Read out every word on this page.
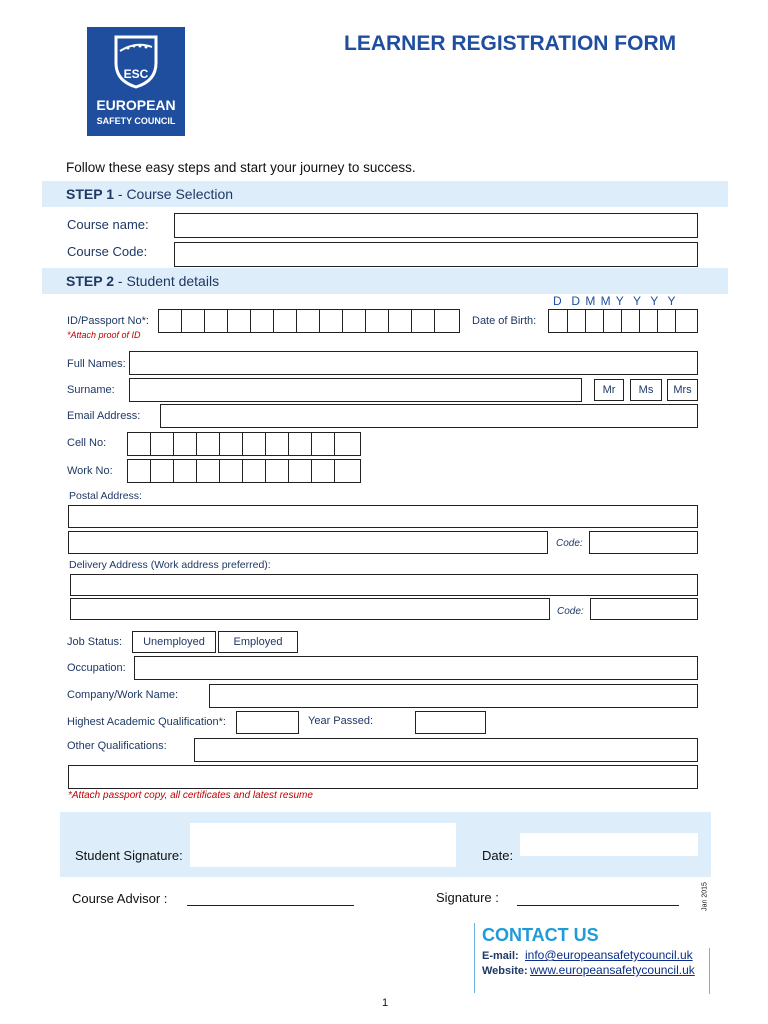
ESC
EUROPEAN
SAFETY COUNCIL
LEARNER REGISTRATION FORM
Follow these easy steps and start your journey to success.
STEP 1 - Course Selection
Course name:
Course Code:
STEP 2 - Student details
D  D M M Y  Y  Y  Y
ID/Passport No*:
*Attach proof of ID
Date of Birth:
Full Names:
Surname:	Mr	Ms	Mrs
Email Address:
Cell No:
Work No:
Postal Address:
Code:
Delivery Address (Work address preferred):
Code:
Job Status:	Unemployed	Employed
Occupation:
Company/Work Name:
Highest Academic Qualification*:	Year Passed:
Other Qualifications:
*Attach passport copy, all certificates and latest resume
Student Signature:	Date:
Course Advisor :	Signature :	Jan 2015
CONTACT US
E-mail: info@europeansafetycouncil.uk
Website: www.europeansafetycouncil.uk
1
